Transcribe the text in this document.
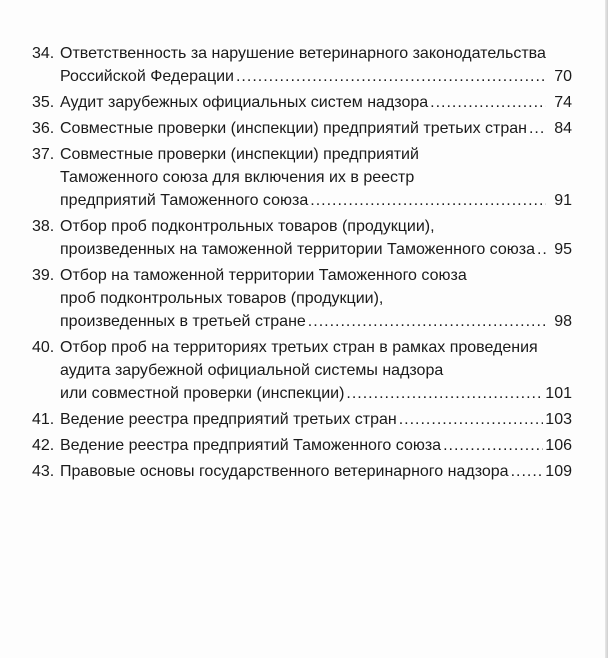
34. Ответственность за нарушение ветеринарного законодательства
Российской Федерации .....	70
35. Аудит зарубежных официальных систем надзора .....	74
36. Совместные проверки (инспекции) предприятий третьих стран .....	84
37. Совместные проверки (инспекции) предприятий
Таможенного союза для включения их в реестр
предприятий Таможенного союза .....	91
38. Отбор проб подконтрольных товаров (продукции),
произведенных на таможенной территории Таможенного союза .....	95
39. Отбор на таможенной территории Таможенного союза
проб подконтрольных товаров (продукции),
произведенных в третьей стране .....	98
40. Отбор проб на территориях третьих стран в рамках проведения
аудита зарубежной официальной системы надзора
или совместной проверки (инспекции) .....	101
41. Ведение реестра предприятий третьих стран .....	103
42. Ведение реестра предприятий Таможенного союза .....	106
43. Правовые основы государственного ветеринарного надзора ..... 109
